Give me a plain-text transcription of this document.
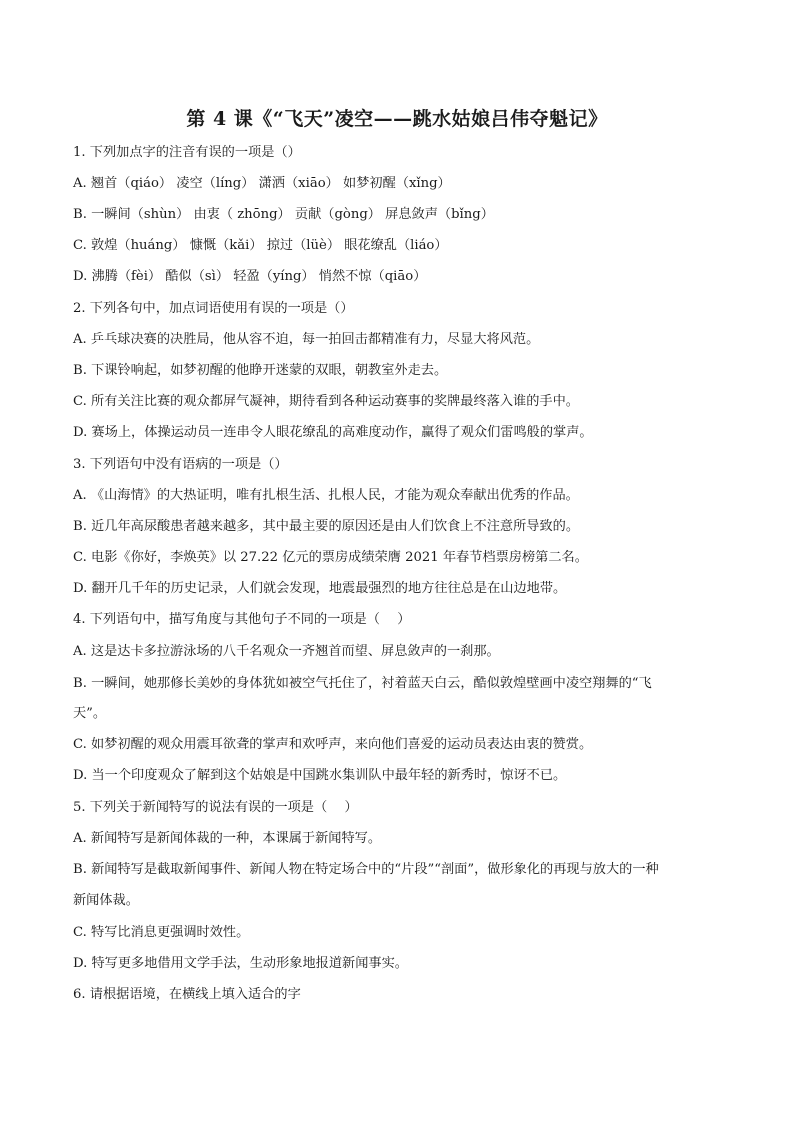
第 4 课《“飞天”凌空——跳水姑娘吕伟夺魁记》
1. 下列加点字的注音有误的一项是（）
A. 翘首（qiáo） 凌空（líng） 潇洒（xiāo） 如梦初醒（xǐng）
B. 一瞬间（shùn） 由衷（ zhōng） 贡献（gòng） 屏息敛声（bǐng）
C. 敦煌（huáng） 慷慨（kǎi） 掠过（lüè） 眼花缭乱（liáo）
D. 沸腾（fèi） 酷似（sì） 轻盈（yíng） 悄然不惊（qiāo）
2. 下列各句中，加点词语使用有误的一项是（）
A. 乒乓球决赛的决胜局，他从容不迫，每一拍回击都精准有力，尽显大将风范。
B. 下课铃响起，如梦初醒的他睁开迷蒙的双眼，朝教室外走去。
C. 所有关注比赛的观众都屏气凝神，期待看到各种运动赛事的奖牌最终落入谁的手中。
D. 赛场上，体操运动员一连串令人眼花缭乱的高难度动作，赢得了观众们雷鸣般的掌声。
3. 下列语句中没有语病的一项是（）
A. 《山海情》的大热证明，唯有扎根生活、扎根人民，才能为观众奉献出优秀的作品。
B. 近几年高尿酸患者越来越多，其中最主要的原因还是由人们饮食上不注意所导致的。
C. 电影《你好，李焕英》以 27.22 亿元的票房成绩荣膺 2021 年春节档票房榜第二名。
D. 翻开几千年的历史记录，人们就会发现，地震最强烈的地方往往总是在山边地带。
4. 下列语句中，描写角度与其他句子不同的一项是（　 ）
A. 这是达卡多拉游泳场的八千名观众一齐翘首而望、屏息敛声的一刹那。
B. 一瞬间，她那修长美妙的身体犹如被空气托住了，衬着蓝天白云，酷似敦煌壁画中凌空翔舞的“飞
天”。
C. 如梦初醒的观众用震耳欲聋的掌声和欢呼声，来向他们喜爱的运动员表达由衷的赞赏。
D. 当一个印度观众了解到这个姑娘是中国跳水集训队中最年轻的新秀时，惊讶不已。
5. 下列关于新闻特写的说法有误的一项是（　 ）
A. 新闻特写是新闻体裁的一种，本课属于新闻特写。
B. 新闻特写是截取新闻事件、新闻人物在特定场合中的“片段”“剖面”，做形象化的再现与放大的一种
新闻体裁。
C. 特写比消息更强调时效性。
D. 特写更多地借用文学手法，生动形象地报道新闻事实。
6. 请根据语境，在横线上填入适合的字
